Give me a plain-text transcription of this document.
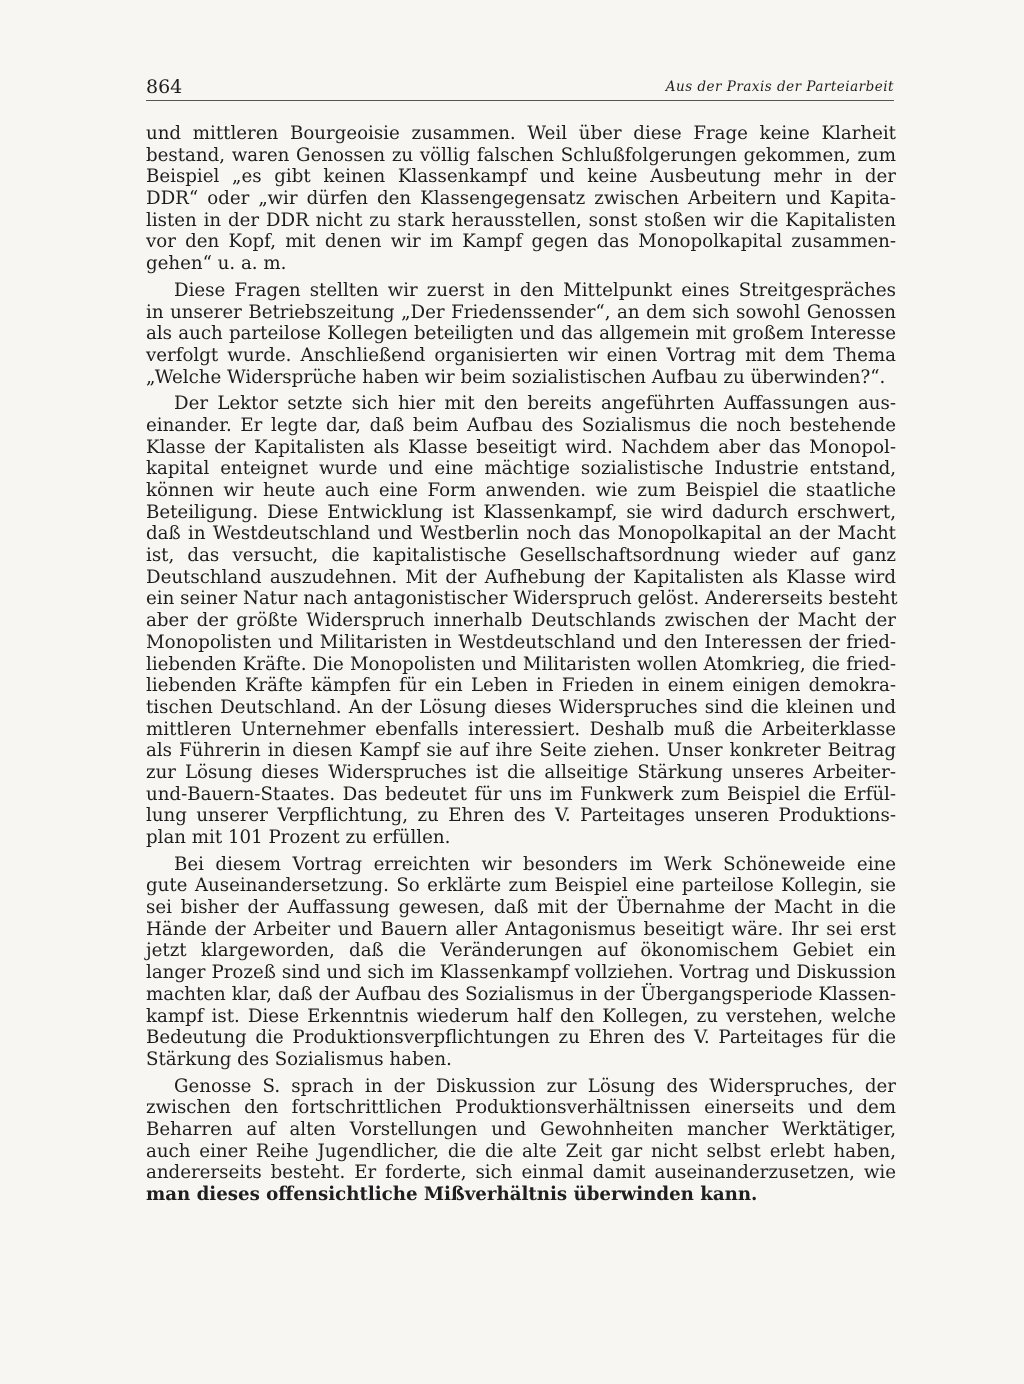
864	Aus der Praxis der Parteiarbeit
und mittleren Bourgeoisie zusammen. Weil über diese Frage keine Klarheit
bestand, waren Genossen zu völlig falschen Schlußfolgerungen gekommen, zum
Beispiel „es gibt keinen Klassenkampf und keine Ausbeutung mehr in der
DDR“ oder „wir dürfen den Klassengegensatz zwischen Arbeitern und Kapita-
listen in der DDR nicht zu stark herausstellen, sonst stoßen wir die Kapitalisten
vor den Kopf, mit denen wir im Kampf gegen das Monopolkapital zusammen-
gehen“ u. a. m.
Diese Fragen stellten wir zuerst in den Mittelpunkt eines Streitgespräches
in unserer Betriebszeitung „Der Friedenssender“, an dem sich sowohl Genossen
als auch parteilose Kollegen beteiligten und das allgemein mit großem Interesse
verfolgt wurde. Anschließend organisierten wir einen Vortrag mit dem Thema
„Welche Widersprüche haben wir beim sozialistischen Aufbau zu überwinden?“.
Der Lektor setzte sich hier mit den bereits angeführten Auffassungen aus-
einander. Er legte dar, daß beim Aufbau des Sozialismus die noch bestehende
Klasse der Kapitalisten als Klasse beseitigt wird. Nachdem aber das Monopol-
kapital enteignet wurde und eine mächtige sozialistische Industrie entstand,
können wir heute auch eine Form anwenden. wie zum Beispiel die staatliche
Beteiligung. Diese Entwicklung ist Klassenkampf, sie wird dadurch erschwert,
daß in Westdeutschland und Westberlin noch das Monopolkapital an der Macht
ist, das versucht, die kapitalistische Gesellschaftsordnung wieder auf ganz
Deutschland auszudehnen. Mit der Aufhebung der Kapitalisten als Klasse wird
ein seiner Natur nach antagonistischer Widerspruch gelöst. Andererseits besteht
aber der größte Widerspruch innerhalb Deutschlands zwischen der Macht der
Monopolisten und Militaristen in Westdeutschland und den Interessen der fried-
liebenden Kräfte. Die Monopolisten und Militaristen wollen Atomkrieg, die fried-
liebenden Kräfte kämpfen für ein Leben in Frieden in einem einigen demokra-
tischen Deutschland. An der Lösung dieses Widerspruches sind die kleinen und
mittleren Unternehmer ebenfalls interessiert. Deshalb muß die Arbeiterklasse
als Führerin in diesen Kampf sie auf ihre Seite ziehen. Unser konkreter Beitrag
zur Lösung dieses Widerspruches ist die allseitige Stärkung unseres Arbeiter-
und-Bauern-Staates. Das bedeutet für uns im Funkwerk zum Beispiel die Erfül-
lung unserer Verpflichtung, zu Ehren des V. Parteitages unseren Produktions-
plan mit 101 Prozent zu erfüllen.
Bei diesem Vortrag erreichten wir besonders im Werk Schöneweide eine
gute Auseinandersetzung. So erklärte zum Beispiel eine parteilose Kollegin, sie
sei bisher der Auffassung gewesen, daß mit der Übernahme der Macht in die
Hände der Arbeiter und Bauern aller Antagonismus beseitigt wäre. Ihr sei erst
jetzt klargeworden, daß die Veränderungen auf ökonomischem Gebiet ein
langer Prozeß sind und sich im Klassenkampf vollziehen. Vortrag und Diskussion
machten klar, daß der Aufbau des Sozialismus in der Übergangsperiode Klassen-
kampf ist. Diese Erkenntnis wiederum half den Kollegen, zu verstehen, welche
Bedeutung die Produktionsverpflichtungen zu Ehren des V. Parteitages für die
Stärkung des Sozialismus haben.
Genosse S. sprach in der Diskussion zur Lösung des Widerspruches, der
zwischen den fortschrittlichen Produktionsverhältnissen einerseits und dem
Beharren auf alten Vorstellungen und Gewohnheiten mancher Werktätiger,
auch einer Reihe Jugendlicher, die die alte Zeit gar nicht selbst erlebt haben,
andererseits besteht. Er forderte, sich einmal damit auseinanderzusetzen, wie
man dieses offensichtliche Mißverhältnis überwinden kann.
